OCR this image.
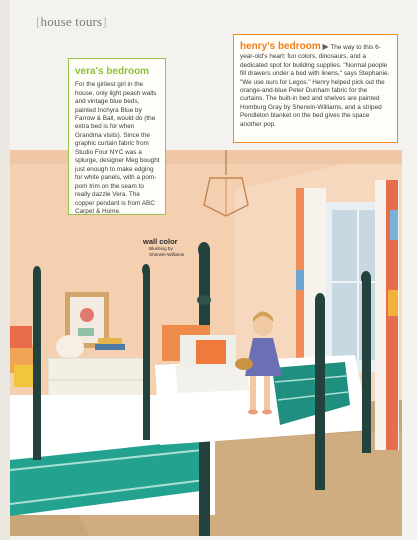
[house tours]
vera's bedroom
For the girliest girl in the house, only light peach walls and vintage blue beds, painted Inchyra Blue by Farrow & Ball, would do (the extra bed is for when Grandma visits). Since the graphic curtain fabric from Studio Four NYC was a splurge, designer Meg bought just enough to make edging for white panels, with a pom-pom trim on the seam to really dazzle Vera. The copper pendant is from ABC Carpet & Home.
henry's bedroom ▶ The way to this 6-year-old's heart: fun colors, dinosaurs, and a dedicated spot for building supplies. "Normal people fill drawers under a bed with linens," says Stephanie. "We use ours for Legos." Henry helped pick out the orange-and-blue Peter Dunham fabric for the curtains. The built-in bed and shelves are painted Homburg Gray by Sherwin-Williams, and a striped Pendleton blanket on the bed gives the space another pop.
wall color
Blushing by
Sherwin-Williams
